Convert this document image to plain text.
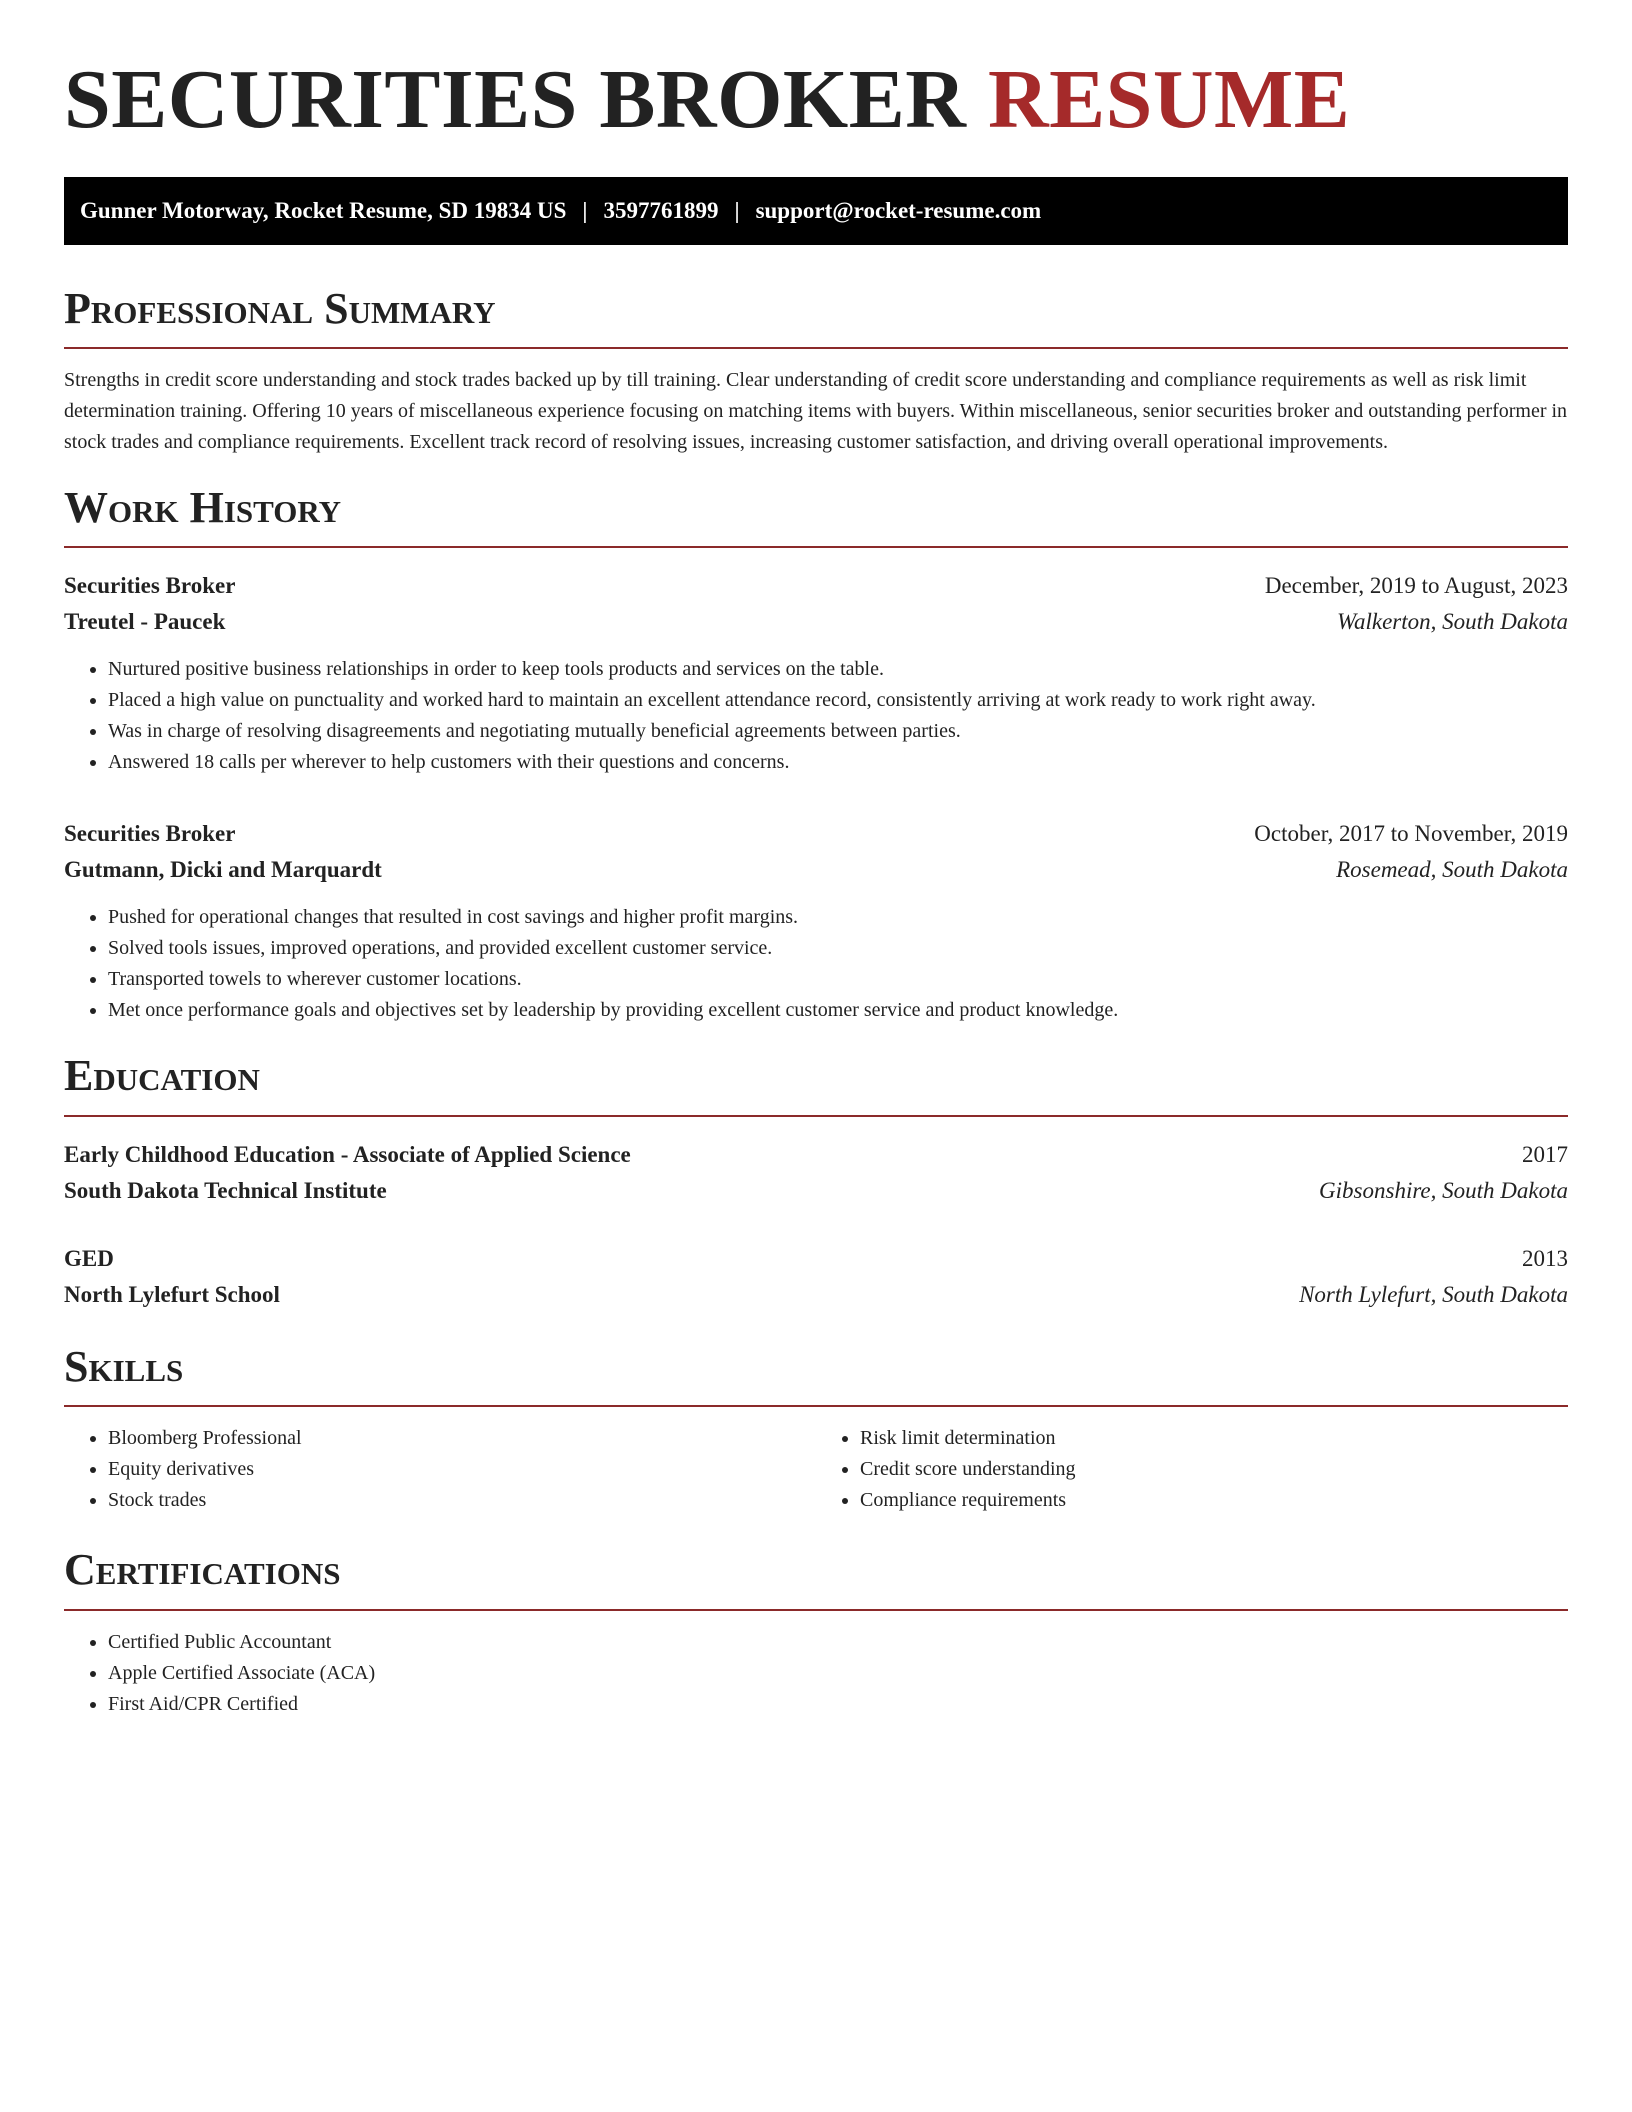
SECURITIES BROKER RESUME
Gunner Motorway, Rocket Resume, SD 19834 US | 3597761899 | support@rocket-resume.com
Professional Summary

Strengths in credit score understanding and stock trades backed up by till training. Clear understanding of credit score understanding and compliance requirements as well as risk limit determination training. Offering 10 years of miscellaneous experience focusing on matching items with buyers. Within miscellaneous, senior securities broker and outstanding performer in stock trades and compliance requirements. Excellent track record of resolving issues, increasing customer satisfaction, and driving overall operational improvements.

Work History
Securities Broker	December, 2019 to August, 2023
Treutel - Paucek	Walkerton, South Dakota
• Nurtured positive business relationships in order to keep tools products and services on the table.
• Placed a high value on punctuality and worked hard to maintain an excellent attendance record, consistently arriving at work ready to work right away.
• Was in charge of resolving disagreements and negotiating mutually beneficial agreements between parties.
• Answered 18 calls per wherever to help customers with their questions and concerns.
Securities Broker	October, 2017 to November, 2019
Gutmann, Dicki and Marquardt	Rosemead, South Dakota
• Pushed for operational changes that resulted in cost savings and higher profit margins.
• Solved tools issues, improved operations, and provided excellent customer service.
• Transported towels to wherever customer locations.
• Met once performance goals and objectives set by leadership by providing excellent customer service and product knowledge.
Education
Early Childhood Education - Associate of Applied Science	2017
South Dakota Technical Institute	Gibsonshire, South Dakota
GED	2013
North Lylefurt School	North Lylefurt, South Dakota
Skills
• Bloomberg Professional
• Equity derivatives
• Stock trades
• Risk limit determination
• Credit score understanding
• Compliance requirements
Certifications
• Certified Public Accountant
• Apple Certified Associate (ACA)
• First Aid/CPR Certified
